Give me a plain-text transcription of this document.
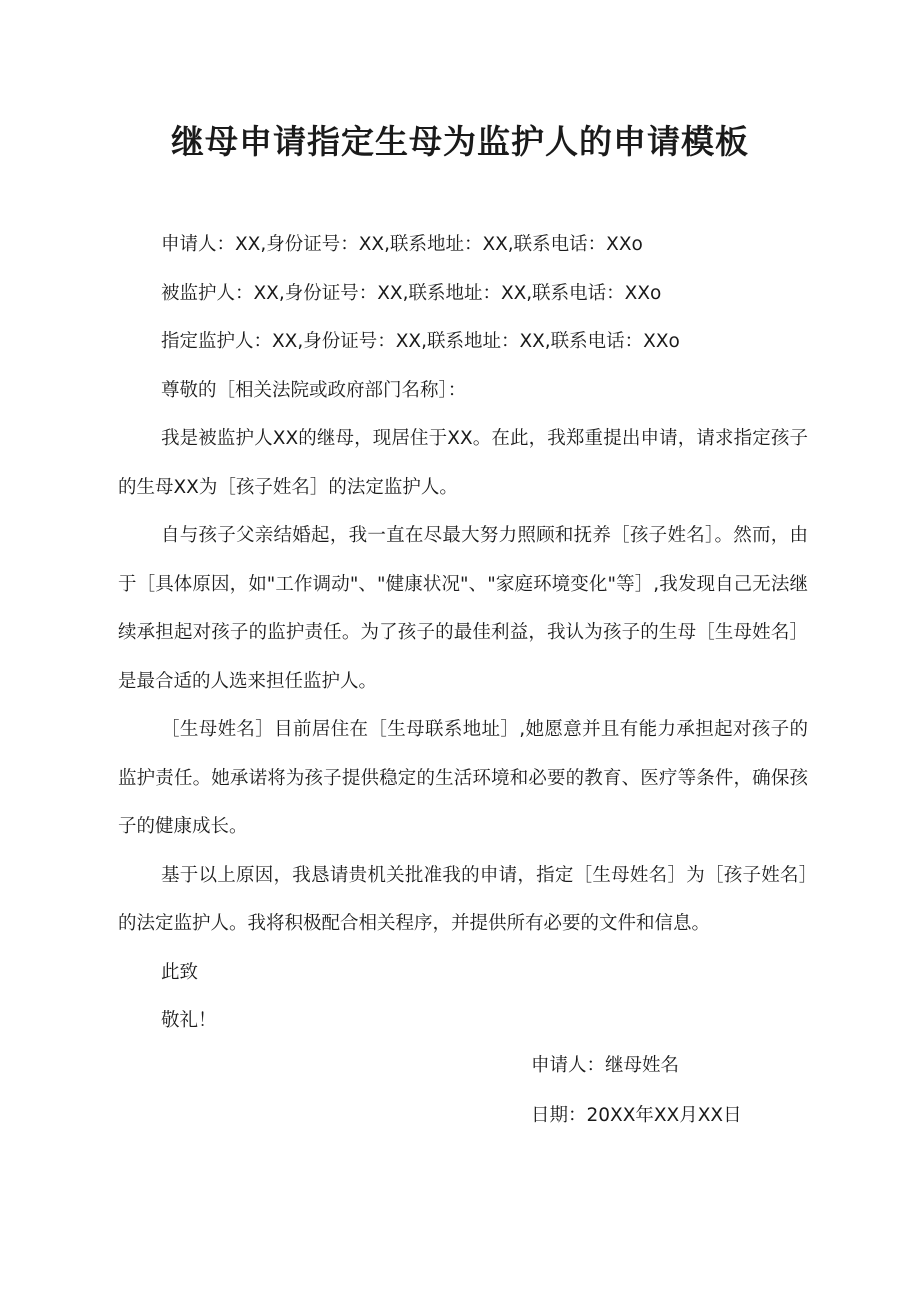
继母申请指定生母为监护人的申请模板

申请人：XX,身份证号：XX,联系地址：XX,联系电话：XXo

被监护人：XX,身份证号：XX,联系地址：XX,联系电话：XXo

指定监护人：XX,身份证号：XX,联系地址：XX,联系电话：XXo

尊敬的［相关法院或政府部门名称］：

我是被监护人XX的继母，现居住于XX。在此，我郑重提出申请，请求指定孩子的生母XX为［孩子姓名］的法定监护人。

自与孩子父亲结婚起，我一直在尽最大努力照顾和抚养［孩子姓名］。然而，由于［具体原因，如"工作调动"、"健康状况"、"家庭环境变化"等］,我发现自己无法继续承担起对孩子的监护责任。为了孩子的最佳利益，我认为孩子的生母［生母姓名］是最合适的人选来担任监护人。

［生母姓名］目前居住在［生母联系地址］,她愿意并且有能力承担起对孩子的监护责任。她承诺将为孩子提供稳定的生活环境和必要的教育、医疗等条件，确保孩子的健康成长。

基于以上原因，我恳请贵机关批准我的申请，指定［生母姓名］为［孩子姓名］的法定监护人。我将积极配合相关程序，并提供所有必要的文件和信息。

此致

敬礼！

申请人：继母姓名
日期：20XX年XX月XX日
